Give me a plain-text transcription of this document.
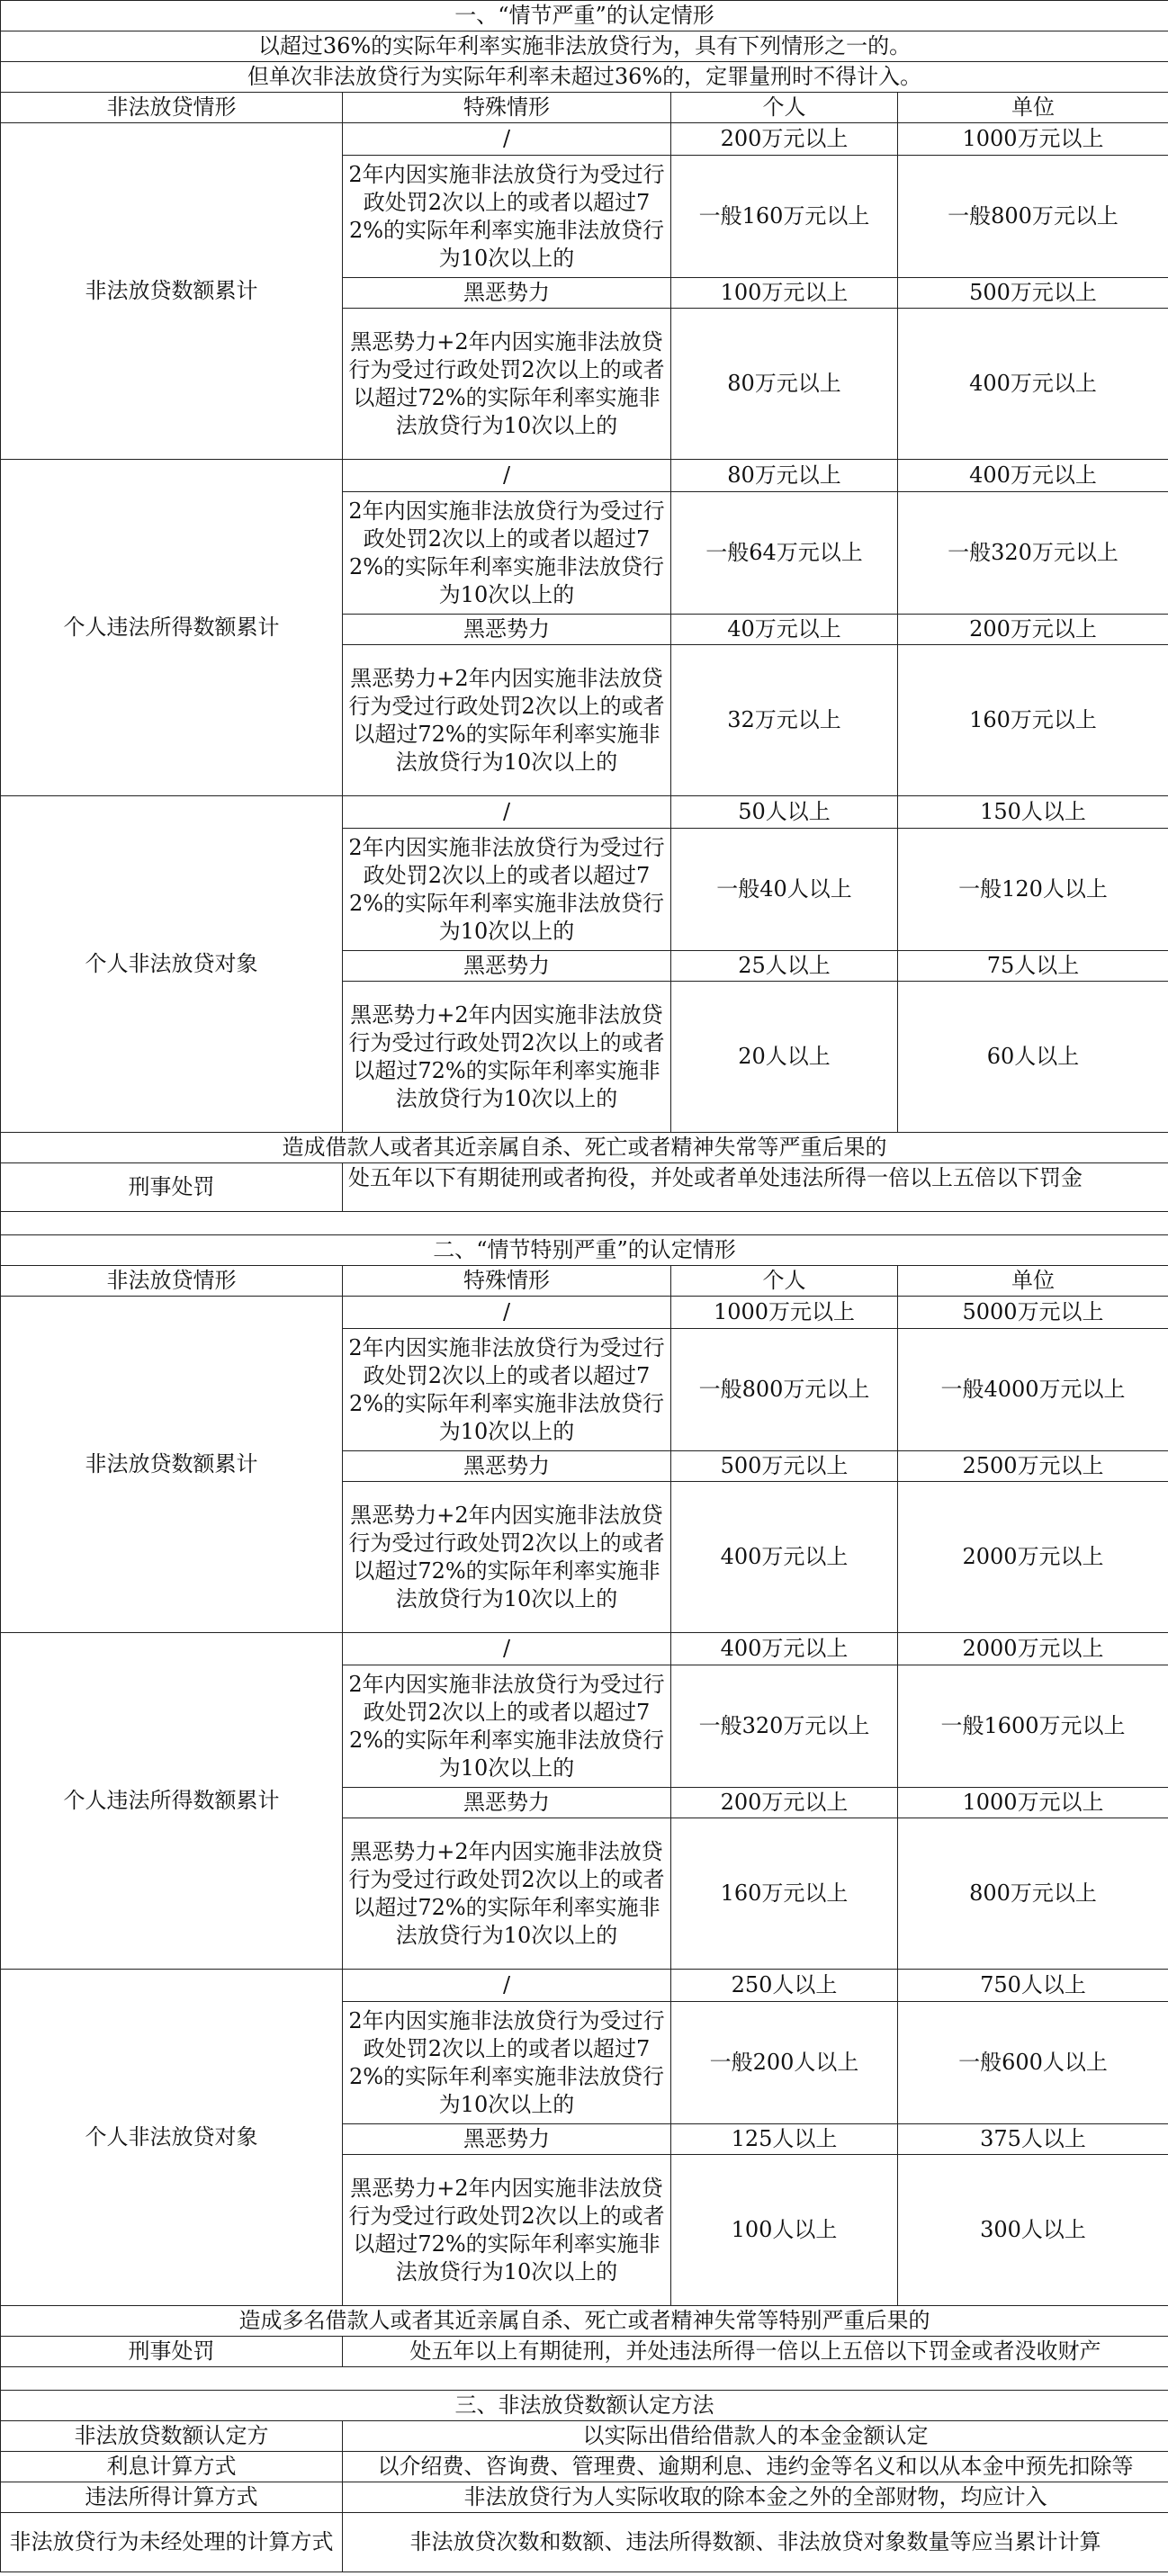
一、“情节严重”的认定情形			
以超过36%的实际年利率实施非法放贷行为，具有下列情形之一的。			
但单次非法放贷行为实际年利率未超过36%的，定罪量刑时不得计入。			
非法放贷情形	特殊情形	个人	单位
非法放贷数额累计	/	200万元以上	1000万元以上
	2年内因实施非法放贷行为受过行政处罚2次以上的或者以超过72%的实际年利率实施非法放贷行为10次以上的	一般160万元以上	一般800万元以上
	黑恶势力	100万元以上	500万元以上
	黑恶势力+2年内因实施非法放贷行为受过行政处罚2次以上的或者以超过72%的实际年利率实施非法放贷行为10次以上的	80万元以上	400万元以上
个人违法所得数额累计	/	80万元以上	400万元以上
	2年内因实施非法放贷行为受过行政处罚2次以上的或者以超过72%的实际年利率实施非法放贷行为10次以上的	一般64万元以上	一般320万元以上
	黑恶势力	40万元以上	200万元以上
	黑恶势力+2年内因实施非法放贷行为受过行政处罚2次以上的或者以超过72%的实际年利率实施非法放贷行为10次以上的	32万元以上	160万元以上
个人非法放贷对象	/	50人以上	150人以上
	2年内因实施非法放贷行为受过行政处罚2次以上的或者以超过72%的实际年利率实施非法放贷行为10次以上的	一般40人以上	一般120人以上
	黑恶势力	25人以上	75人以上
	黑恶势力+2年内因实施非法放贷行为受过行政处罚2次以上的或者以超过72%的实际年利率实施非法放贷行为10次以上的	20人以上	60人以上
造成借款人或者其近亲属自杀、死亡或者精神失常等严重后果的			
刑事处罚	处五年以下有期徒刑或者拘役，并处或者单处违法所得一倍以上五倍以下罚金		

二、“情节特别严重”的认定情形			
非法放贷情形	特殊情形	个人	单位
非法放贷数额累计	/	1000万元以上	5000万元以上
	2年内因实施非法放贷行为受过行政处罚2次以上的或者以超过72%的实际年利率实施非法放贷行为10次以上的	一般800万元以上	一般4000万元以上
	黑恶势力	500万元以上	2500万元以上
	黑恶势力+2年内因实施非法放贷行为受过行政处罚2次以上的或者以超过72%的实际年利率实施非法放贷行为10次以上的	400万元以上	2000万元以上
个人违法所得数额累计	/	400万元以上	2000万元以上
	2年内因实施非法放贷行为受过行政处罚2次以上的或者以超过72%的实际年利率实施非法放贷行为10次以上的	一般320万元以上	一般1600万元以上
	黑恶势力	200万元以上	1000万元以上
	黑恶势力+2年内因实施非法放贷行为受过行政处罚2次以上的或者以超过72%的实际年利率实施非法放贷行为10次以上的	160万元以上	800万元以上
个人非法放贷对象	/	250人以上	750人以上
	2年内因实施非法放贷行为受过行政处罚2次以上的或者以超过72%的实际年利率实施非法放贷行为10次以上的	一般200人以上	一般600人以上
	黑恶势力	125人以上	375人以上
	黑恶势力+2年内因实施非法放贷行为受过行政处罚2次以上的或者以超过72%的实际年利率实施非法放贷行为10次以上的	100人以上	300人以上
造成多名借款人或者其近亲属自杀、死亡或者精神失常等特别严重后果的			
刑事处罚	处五年以上有期徒刑，并处违法所得一倍以上五倍以下罚金或者没收财产		

三、非法放贷数额认定方法			
非法放贷数额认定方	以实际出借给借款人的本金金额认定		
利息计算方式	以介绍费、咨询费、管理费、逾期利息、违约金等名义和以从本金中预先扣除等		
违法所得计算方式	非法放贷行为人实际收取的除本金之外的全部财物，均应计入		
非法放贷行为未经处理的计算方式	非法放贷次数和数额、违法所得数额、非法放贷对象数量等应当累计计算		
